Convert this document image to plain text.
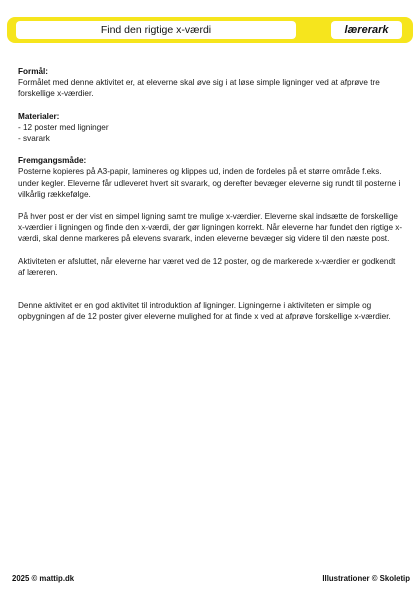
Find den rigtige x-værdi	lærerark

Formål:

Formålet med denne aktivitet er, at eleverne skal øve sig i at løse simple ligninger ved at afprøve tre forskellige x-værdier.

Materialer:

- 12 poster med ligninger
- svarark

Fremgangsmåde:

Posterne kopieres på A3-papir, lamineres og klippes ud, inden de fordeles på et større område f.eks. under kegler. Eleverne får udleveret hvert sit svarark, og derefter bevæger eleverne sig rundt til posterne i vilkårlig rækkefølge.

På hver post er der vist en simpel ligning samt tre mulige x-værdier. Eleverne skal indsætte de forskellige x-værdier i ligningen og finde den x-værdi, der gør ligningen korrekt. Når eleverne har fundet den rigtige x-værdi, skal denne markeres på elevens svarark, inden eleverne bevæger sig videre til den næste post.

Aktiviteten er afsluttet, når eleverne har været ved de 12 poster, og de markerede x-værdier er godkendt af læreren.

Denne aktivitet er en god aktivitet til introduktion af ligninger. Ligningerne i aktiviteten er simple og opbygningen af de 12 poster giver eleverne mulighed for at finde x ved at afprøve forskellige x-værdier.

2025 © mattip.dk	Illustrationer © Skoletip
